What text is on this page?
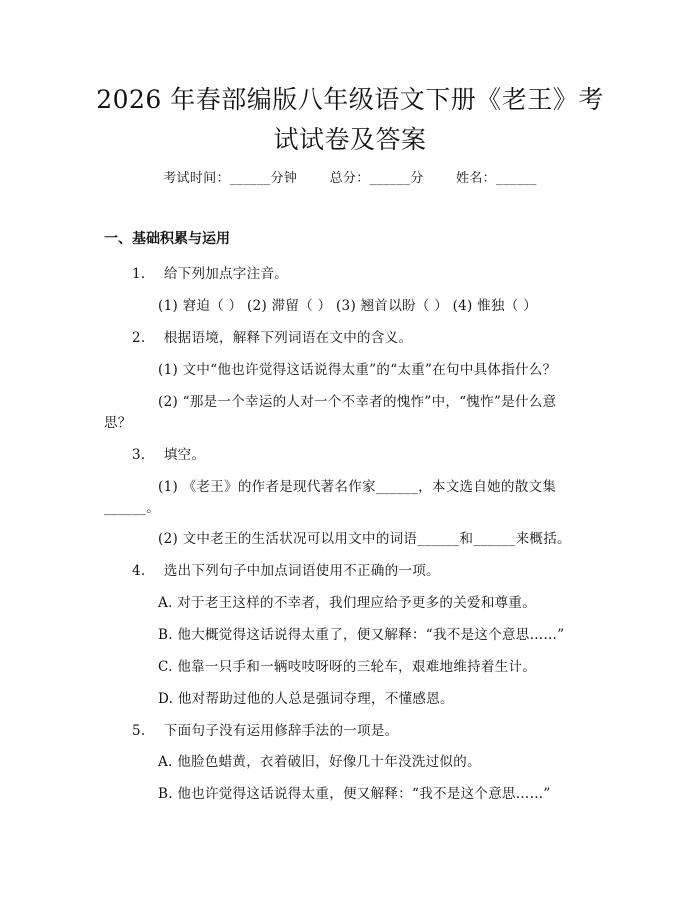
2026 年春部编版八年级语文下册《老王》考
试试卷及答案
考试时间：______分钟 总分：______分 姓名：______
一、基础积累与运用
1. 给下列加点字注音。
(1) 窘迫（ ） (2) 滞留（ ） (3) 翘首以盼（ ） (4) 惟独（ ）
2. 根据语境，解释下列词语在文中的含义。
(1) 文中“他也许觉得这话说得太重”的“太重”在句中具体指什么？
(2) “那是一个幸运的人对一个不幸者的愧怍”中，“愧怍”是什么意
思？
3. 填空。
(1) 《老王》的作者是现代著名作家______，本文选自她的散文集
______。
(2) 文中老王的生活状况可以用文中的词语______和______来概括。
4. 选出下列句子中加点词语使用不正确的一项。
A. 对于老王这样的不幸者，我们理应给予更多的关爱和尊重。
B. 他大概觉得这话说得太重了，便又解释：“我不是这个意思……”
C. 他靠一只手和一辆吱吱呀呀的三轮车，艰难地维持着生计。
D. 他对帮助过他的人总是强词夺理，不懂感恩。
5. 下面句子没有运用修辞手法的一项是。
A. 他脸色蜡黄，衣着破旧，好像几十年没洗过似的。
B. 他也许觉得这话说得太重，便又解释：“我不是这个意思……”
